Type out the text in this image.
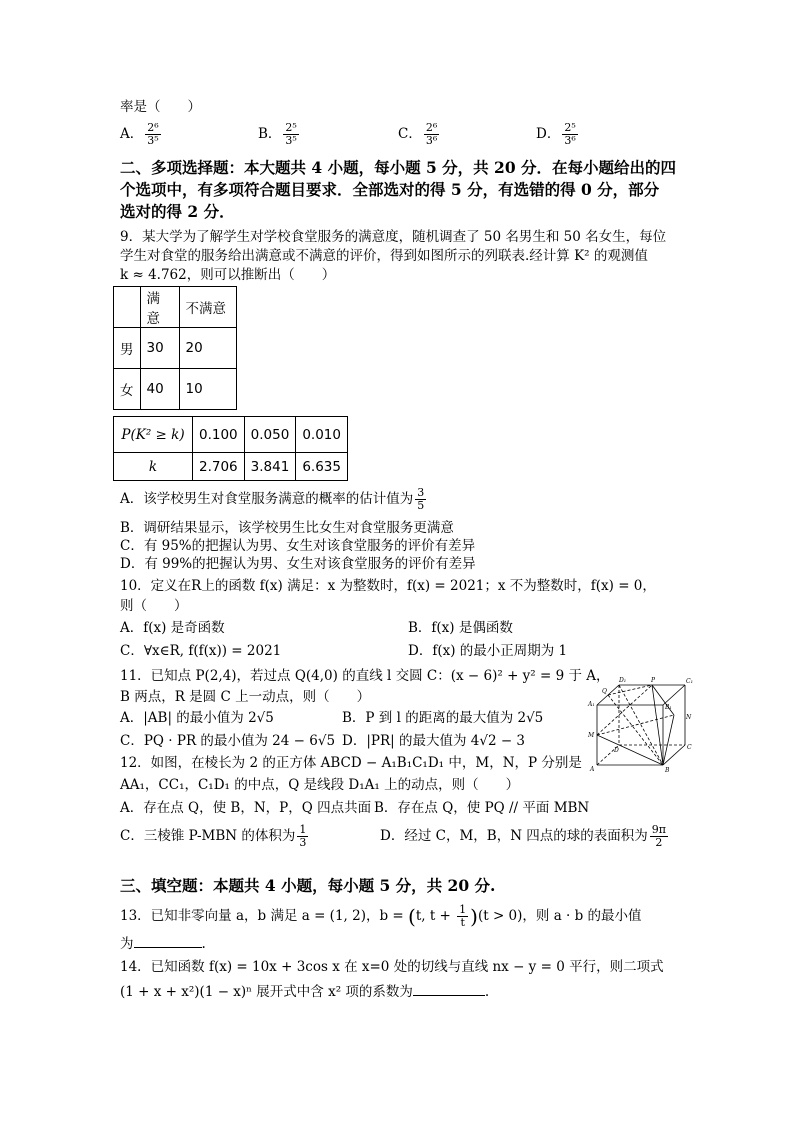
率是（　　）
A． $\frac{\text{2⁶}}{\text{3⁵}}$	B． $\frac{\text{2⁵}}{\text{3⁵}}$	C． $\frac{\text{2⁶}}{\text{3⁶}}$	D． $\frac{\text{2⁵}}{\text{3⁶}}$
二、多项选择题：本大题共 4 小题，每小题 5 分，共 20 分．在每小题给出的四
个选项中，有多项符合题目要求．全部选对的得 5 分，有选错的得 0 分，部分
选对的得 2 分．
9．某大学为了解学生对学校食堂服务的满意度，随机调查了 50 名男生和 50 名女生，每位
学生对食堂的服务给出满意或不满意的评价，得到如图所示的列联表.经计算 K² 的观测值
k ≈ 4.762，则可以推断出（　　）
	满意	不满意
男	30	20
女	40	10
P(K² ≥ k)	0.100	0.050	0.010
k	2.706	3.841	6.635
A．该学校男生对食堂服务满意的概率的估计值为 $\frac{3}{5}$
B．调研结果显示，该学校男生比女生对食堂服务更满意
C．有 95%的把握认为男、女生对该食堂服务的评价有差异
D．有 99%的把握认为男、女生对该食堂服务的评价有差异
10．定义在R上的函数 f(x) 满足：x 为整数时，f(x) = 2021；x 不为整数时，f(x) = 0，
则（　　）
A．f(x) 是奇函数	B．f(x) 是偶函数
C．∀x∈R, f(f(x)) = 2021	D．f(x) 的最小正周期为 1
11．已知点 P(2,4)，若过点 Q(4,0) 的直线 l 交圆 C：(x − 6)² + y² = 9 于 A，
B 两点，R 是圆 C 上一动点，则（　　）
A．|AB| 的最小值为 2√5	B．P 到 l 的距离的最大值为 2√5
C．PQ · PR 的最小值为 24 − 6√5 D．|PR| 的最大值为 4√2 − 3
Q
D₁	P	C₁
A₁	B₁
N
M
D	C
A	B
12．如图，在棱长为 2 的正方体 ABCD − A₁B₁C₁D₁ 中，M，N，P 分别是
AA₁，CC₁，C₁D₁ 的中点，Q 是线段 D₁A₁ 上的动点，则（　　）
A．存在点 Q，使 B，N，P，Q 四点共面 B．存在点 Q，使 PQ // 平面 MBN
C．三棱锥 P-MBN 的体积为 $\frac{1}{3}$	D．经过 C，M，B，N 四点的球的表面积为 $\frac{9\pi}{2}$
三、填空题：本题共 4 小题，每小题 5 分，共 20 分.
13．已知非零向量 a，b 满足 a = (1, 2)，b = (t, $t + \frac{1}{t} )(t > 0)$，则 a · b 的最小值
为	.
14．已知函数 f(x) = 10x + 3cos x 在 x=0 处的切线与直线 nx − y = 0 平行，则二项式
(1 + x + x²)(1 − x)ⁿ 展开式中含 x² 项的系数为	.
